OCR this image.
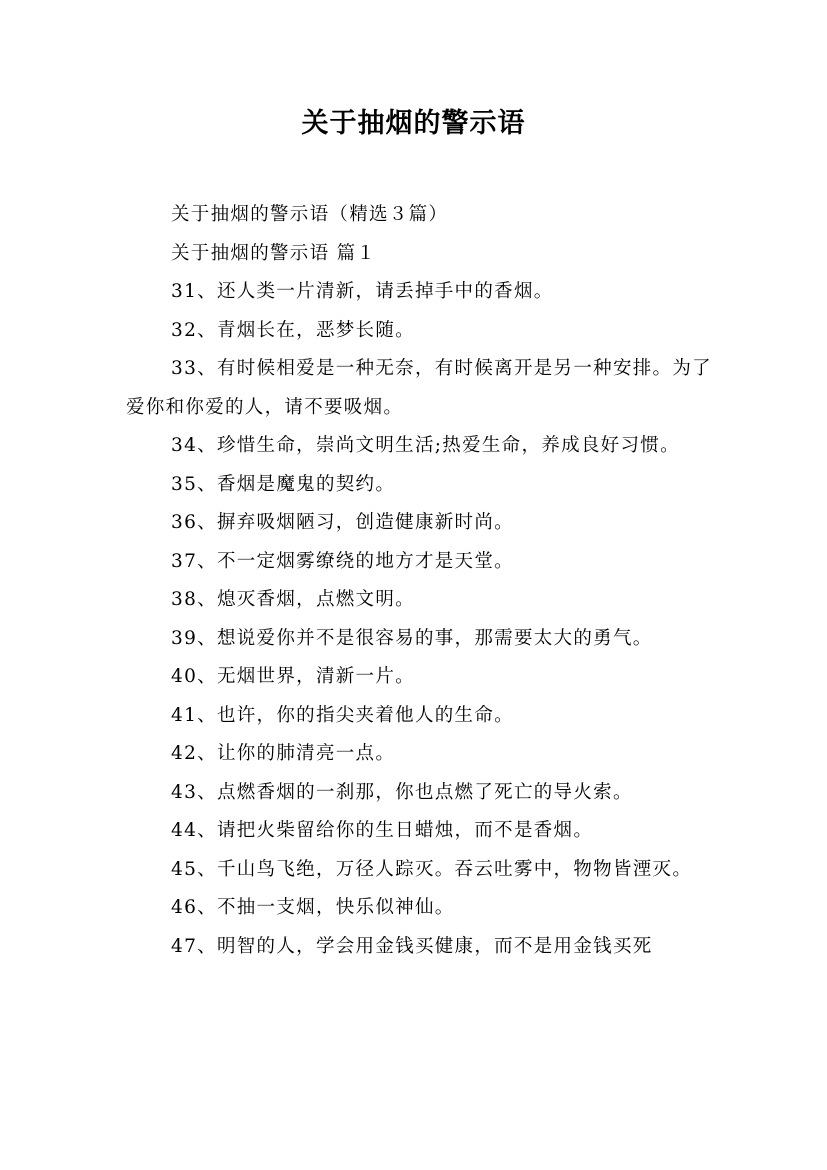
关于抽烟的警示语

关于抽烟的警示语（精选３篇）

关于抽烟的警示语 篇１

31、还人类一片清新，请丢掉手中的香烟。

32、青烟长在，恶梦长随。

33、有时候相爱是一种无奈，有时候离开是另一种安排。为了爱你和你爱的人，请不要吸烟。

34、珍惜生命，崇尚文明生活;热爱生命，养成良好习惯。

35、香烟是魔鬼的契约。

36、摒弃吸烟陋习，创造健康新时尚。

37、不一定烟雾缭绕的地方才是天堂。

38、熄灭香烟，点燃文明。

39、想说爱你并不是很容易的事，那需要太大的勇气。

40、无烟世界，清新一片。

41、也许，你的指尖夹着他人的生命。

42、让你的肺清亮一点。

43、点燃香烟的一刹那，你也点燃了死亡的导火索。

44、请把火柴留给你的生日蜡烛，而不是香烟。

45、千山鸟飞绝，万径人踪灭。吞云吐雾中，物物皆湮灭。

46、不抽一支烟，快乐似神仙。

47、明智的人，学会用金钱买健康，而不是用金钱买死
